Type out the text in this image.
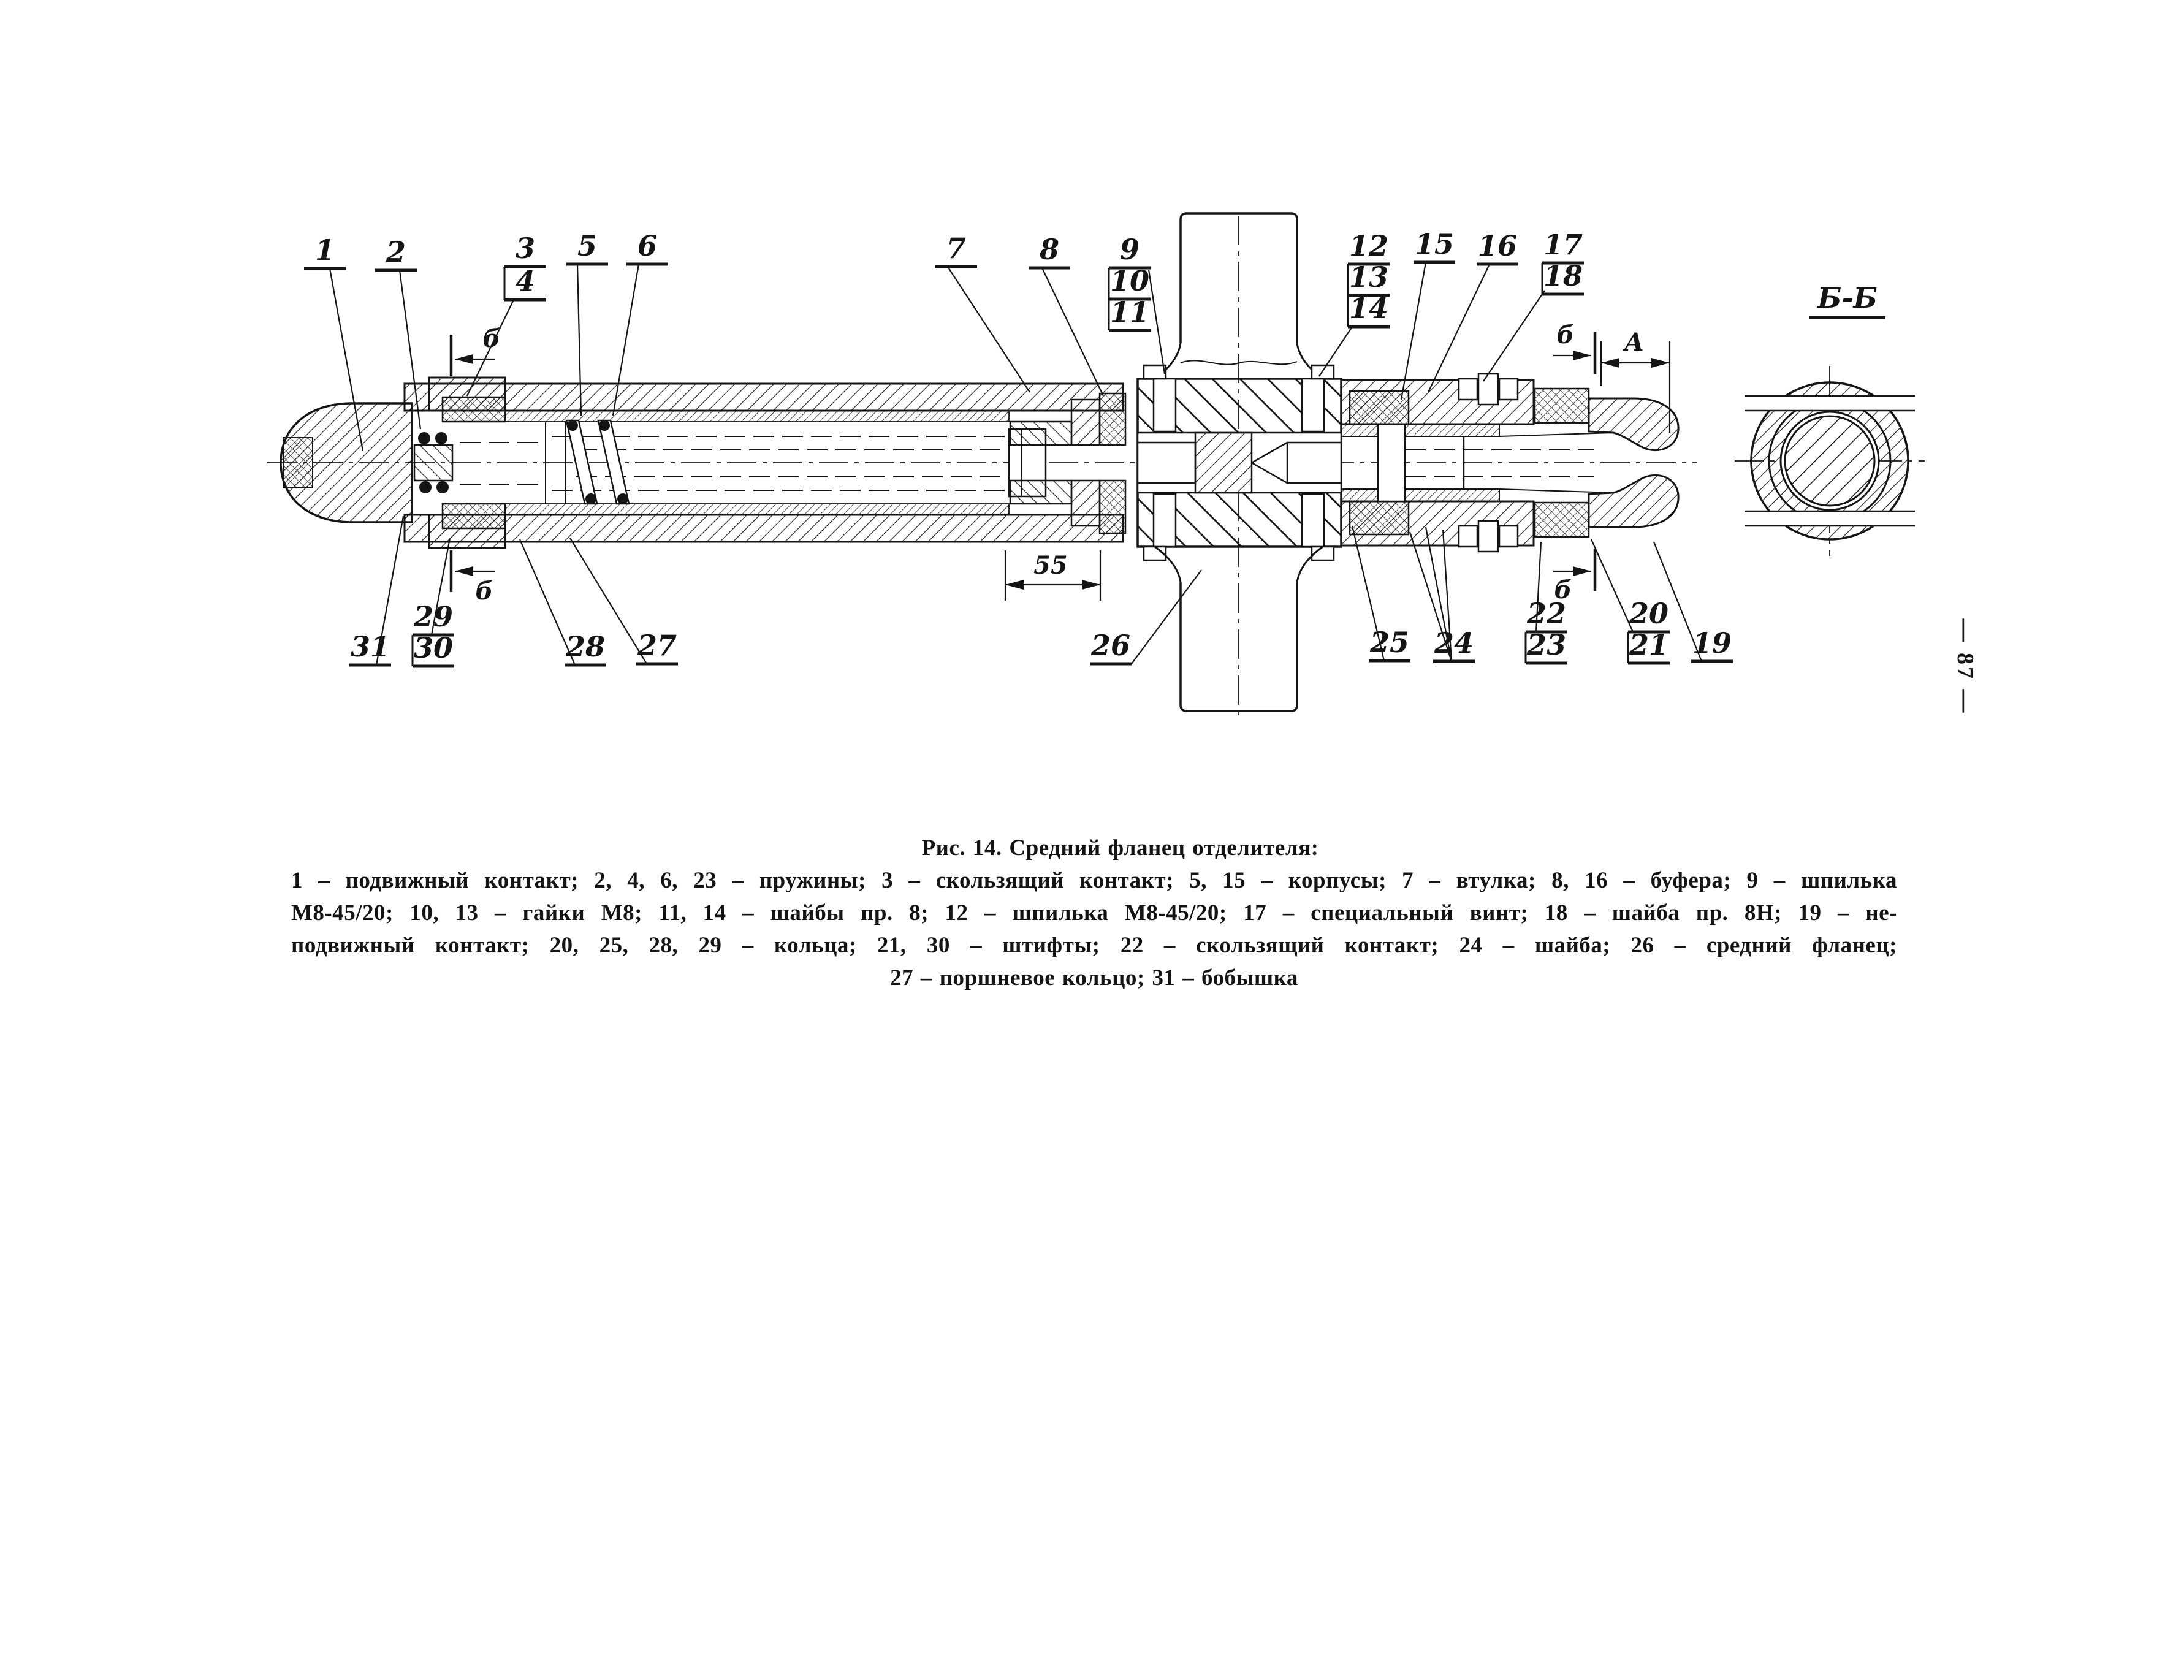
1 2	3
4
5 6	7	8 9
10
11
12
13
14
15 16 17
18
31
29
30	28 27	26	25 24
22
23
20
21 19
б
б
б
б
55
A
Б-Б
Рис. 14. Средний фланец отделителя:
1 – подвижный контакт; 2, 4, 6, 23 – пружины; 3 – скользящий контакт; 5, 15 – корпусы; 7 – втулка; 8, 16 – буфера; 9 – шпилька
М8-45/20; 10, 13 – гайки М8; 11, 14 – шайбы пр. 8; 12 – шпилька М8-45/20; 17 – специальный винт; 18 – шайба пр. 8Н; 19 – не-
подвижный контакт; 20, 25, 28, 29 – кольца; 21, 30 – штифты; 22 – скользящий контакт; 24 – шайба; 26 – средний фланец;
27 – поршневое кольцо; 31 – бобышка
— 87 —
